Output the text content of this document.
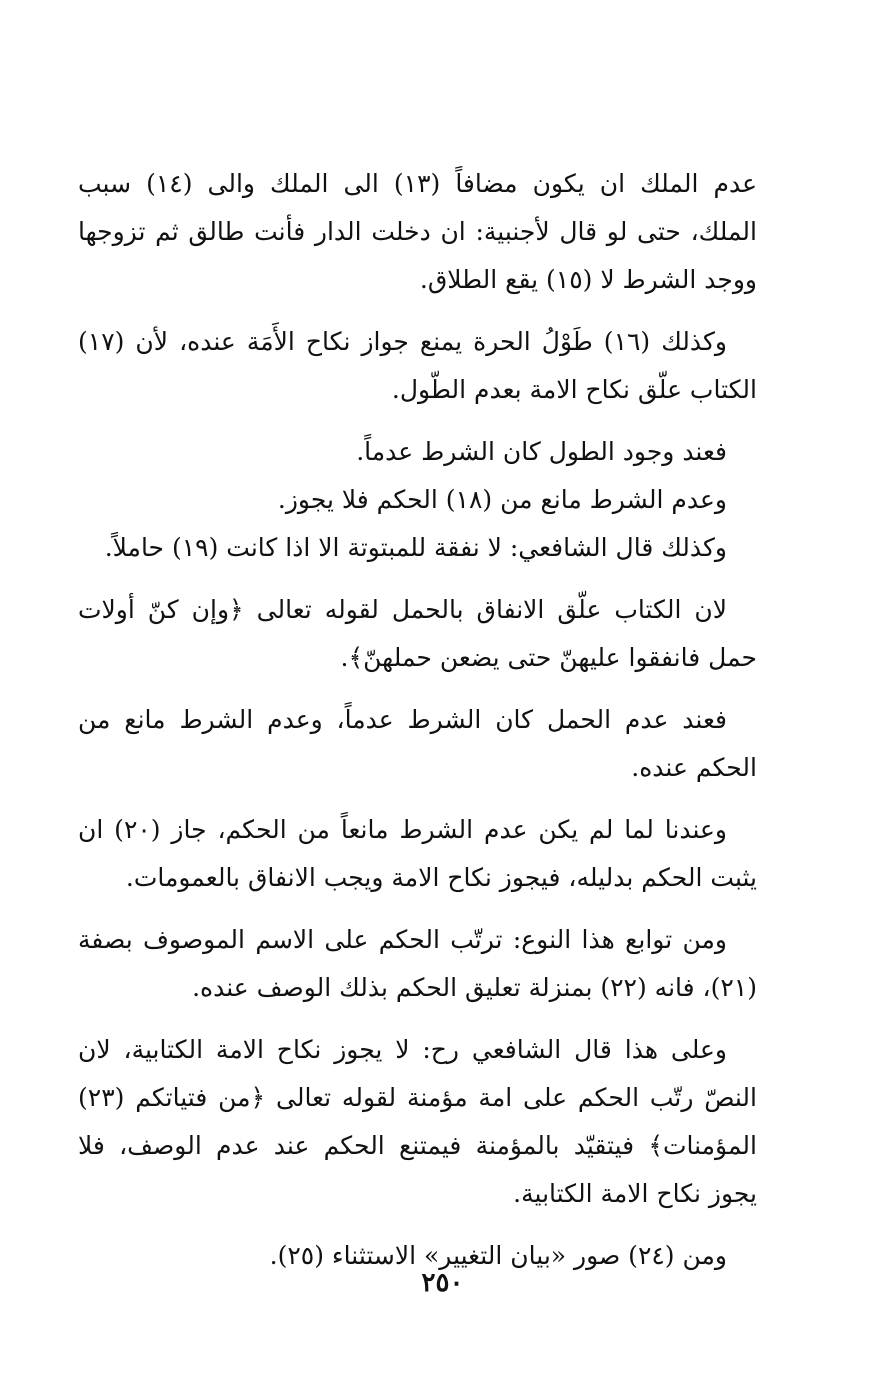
عدم الملك ان يكون مضافاً (١٣) الى الملك والى (١٤) سبب الملك، حتى لو قال لأجنبية: ان دخلت الدار فأنت طالق ثم تزوجها ووجد الشرط لا (١٥) يقع الطلاق.

وكذلك (١٦) طَوْلُ الحرة يمنع جواز نكاح الأَمَة عنده، لأن (١٧) الكتاب علّق نكاح الامة بعدم الطّول.

فعند وجود الطول كان الشرط عدماً.
وعدم الشرط مانع من (١٨) الحكم فلا يجوز.
وكذلك قال الشافعي: لا نفقة للمبتوتة الا اذا كانت (١٩) حاملاً.

لان الكتاب علّق الانفاق بالحمل لقوله تعالى ﴿وإن كنّ أولات حمل فانفقوا عليهنّ حتى يضعن حملهنّ﴾.

فعند عدم الحمل كان الشرط عدماً، وعدم الشرط مانع من الحكم عنده.

وعندنا لما لم يكن عدم الشرط مانعاً من الحكم، جاز (٢٠) ان يثبت الحكم بدليله، فيجوز نكاح الامة ويجب الانفاق بالعمومات.

ومن توابع هذا النوع: ترتّب الحكم على الاسم الموصوف بصفة (٢١)، فانه (٢٢) بمنزلة تعليق الحكم بذلك الوصف عنده.

وعلى هذا قال الشافعي رح: لا يجوز نكاح الامة الكتابية، لان النصّ رتّب الحكم على امة مؤمنة لقوله تعالى ﴿من فتياتكم (٢٣) المؤمنات﴾ فيتقيّد بالمؤمنة فيمتنع الحكم عند عدم الوصف، فلا يجوز نكاح الامة الكتابية.

ومن (٢٤) صور «بيان التغيير» الاستثناء (٢٥).

٢٥٠
